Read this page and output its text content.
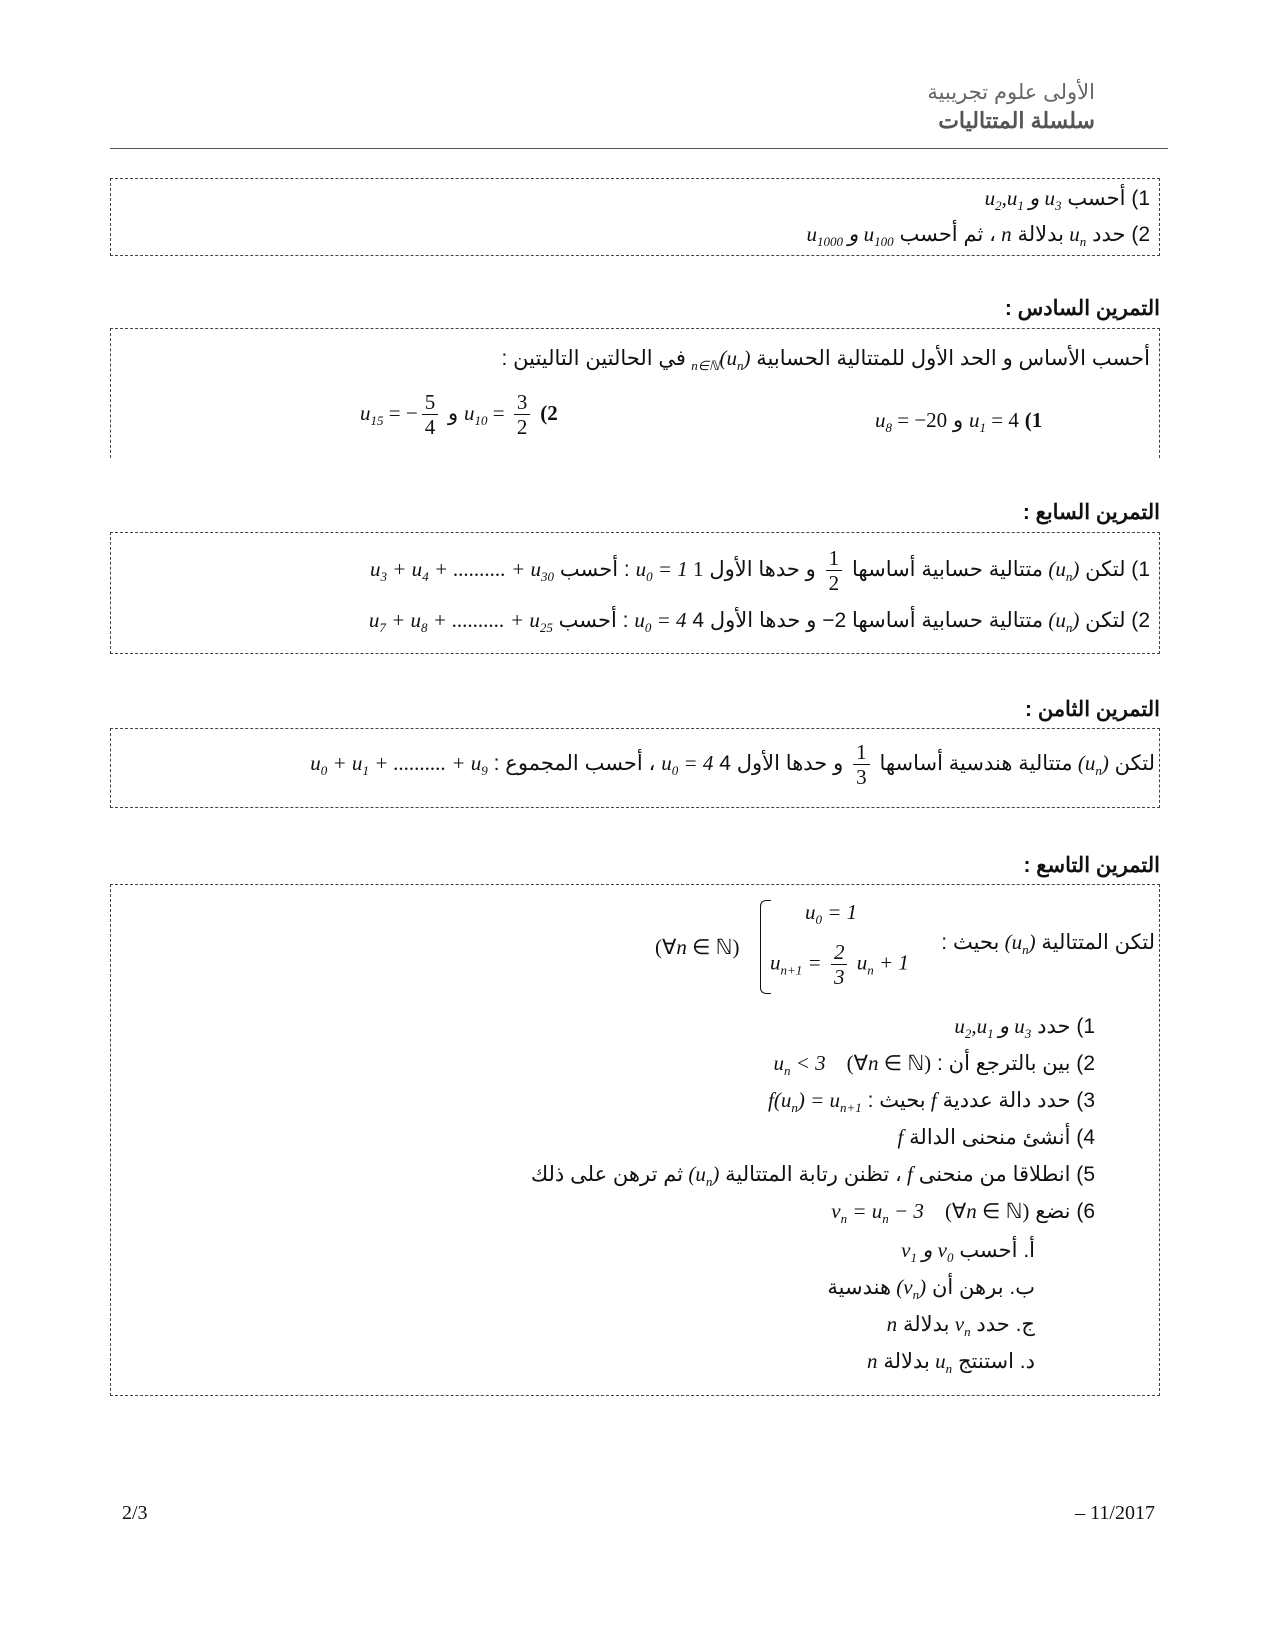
الأولى علوم تجريبية
سلسلة المتتاليات
1) أحسب $u_3$ و $u_2,u_1$
2) حدد $u_n$ بدلالة n ، ثم أحسب $u_{100}$ و $u_{1000}$
التمرين السادس :
أحسب الأساس و الحد الأول للمتتالية الحسابية $(u_n)_{n\in ℕ}$ في الحالتين التاليتين :
$u_8 = -20$ و $u_1 = 4$ (1
$u_{15}$ = − $\frac{5}{4}$ و $u_{10} = \frac{3}{2} (2$
التمرين السابع :
1) لتكن $(u_n)$ متتالية حسابية أساسها
$\frac{1}{2}$
و حدها الأول 1 $u_0 = 1$ : أحسب $u_3 + u_4$ + .......... + $u_{30}$
2) لتكن $(u_n)$ متتالية حسابية أساسها 2− و حدها الأول 4 $u_0 = 4$ : أحسب $u_7 + u_8$ + .......... + $u_{25}$
التمرين الثامن :
لتكن $(u_n)$ متتالية هندسية أساسها
$\frac{1}{3}$
و حدها الأول 4 $u_0 = 4$ ، أحسب المجموع : $u_0 + u_1$ + .......... + $u_9$
التمرين التاسع :
لتكن المتتالية $(u_n)$ بحيث :
$u_0 = 1$
$u_{n+1} = \frac{2}{3} u_n + 1$
(∀n ∈ ℕ)
1) حدد $u_3$ و $u_2,u_1$
2) بين بالترجع أن : $u_n < 3$    (∀n ∈ ℕ)
3) حدد دالة عددية f بحيث : $f(u_n) = u_{n+1}$
4) أنشئ منحنى الدالة f
5) انطلاقا من منحنى f ، تظنن رتابة المتتالية $(u_n)$ ثم ترهن على ذلك
6) نضع $v_n = u_n - 3$    (∀n ∈ ℕ)
أ. أحسب $v_0$ و $v_1$
ب. برهن أن $(v_n)$ هندسية
ج. حدد $v_n$ بدلالة n
د. استنتج $u_n$ بدلالة n
2/3	– 11/2017
